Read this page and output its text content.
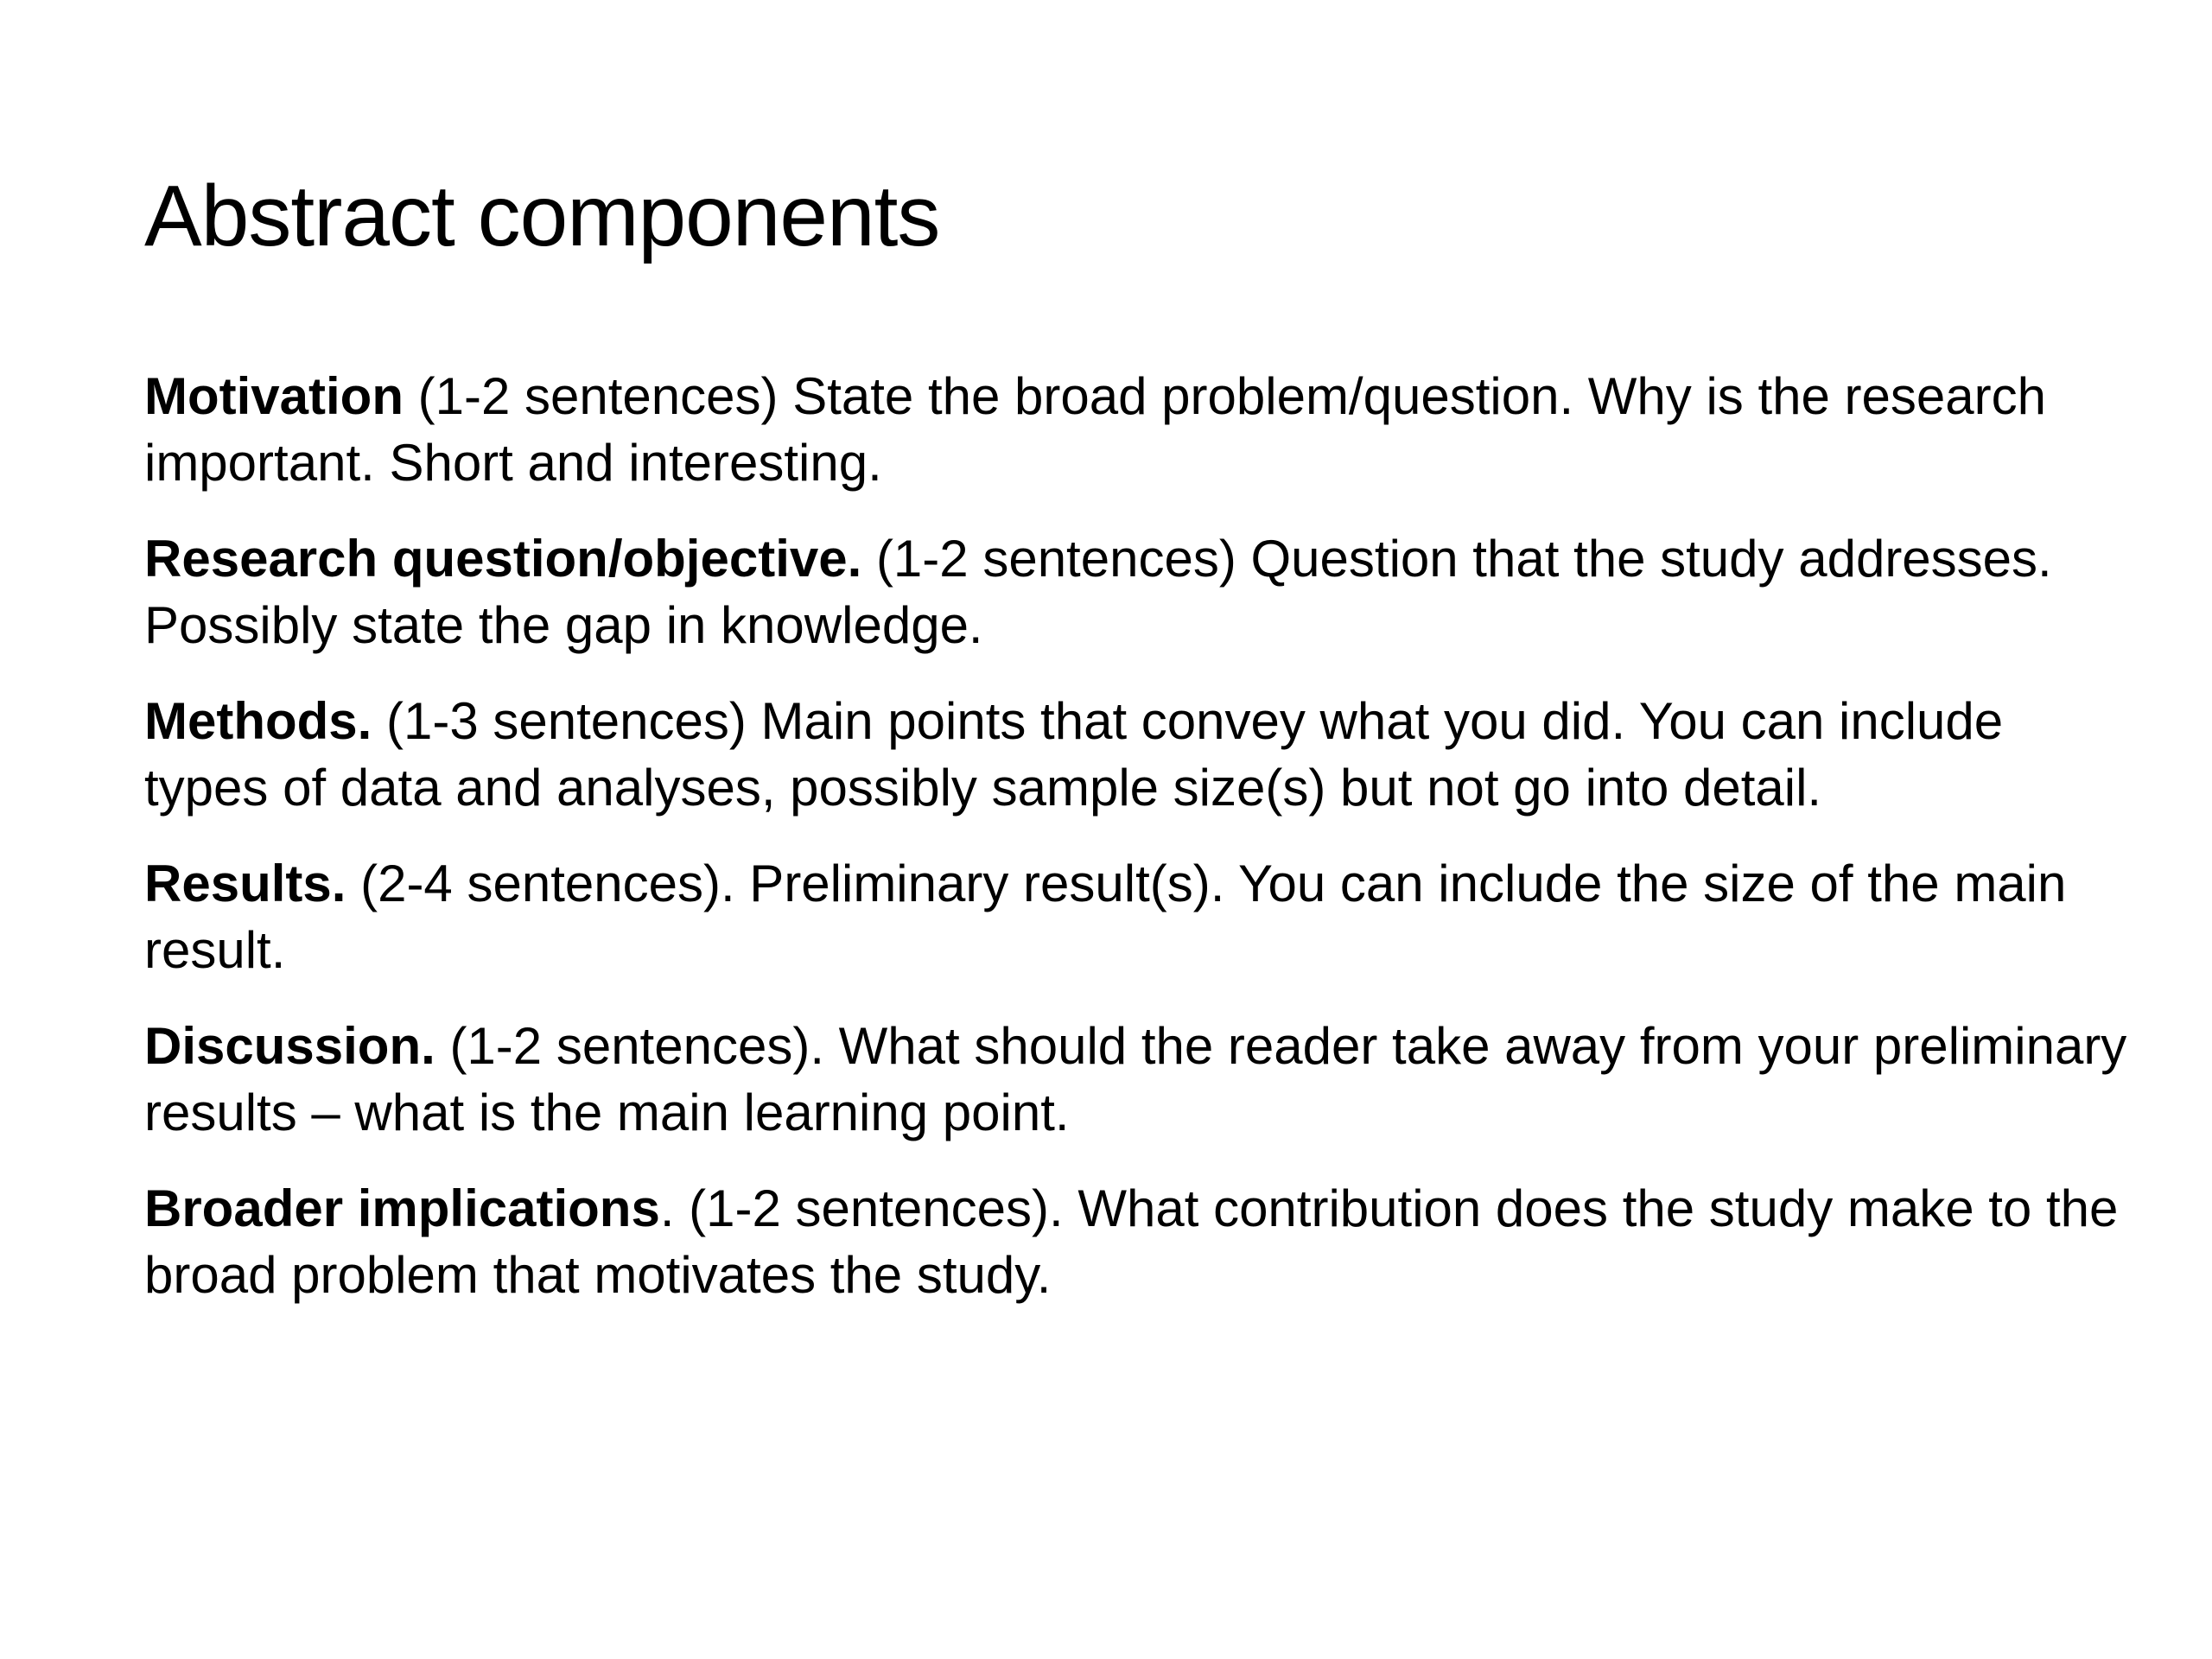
Abstract components

Motivation (1-2 sentences) State the broad problem/question. Why is the research important. Short and interesting.

Research question/objective. (1-2 sentences) Question that the study addresses. Possibly state the gap in knowledge.

Methods. (1-3 sentences) Main points that convey what you did. You can include types of data and analyses, possibly sample size(s) but not go into detail.

Results. (2-4 sentences). Preliminary result(s). You can include the size of the main result.

Discussion. (1-2 sentences). What should the reader take away from your preliminary results – what is the main learning point.

Broader implications. (1-2 sentences). What contribution does the study make to the broad problem that motivates the study.
